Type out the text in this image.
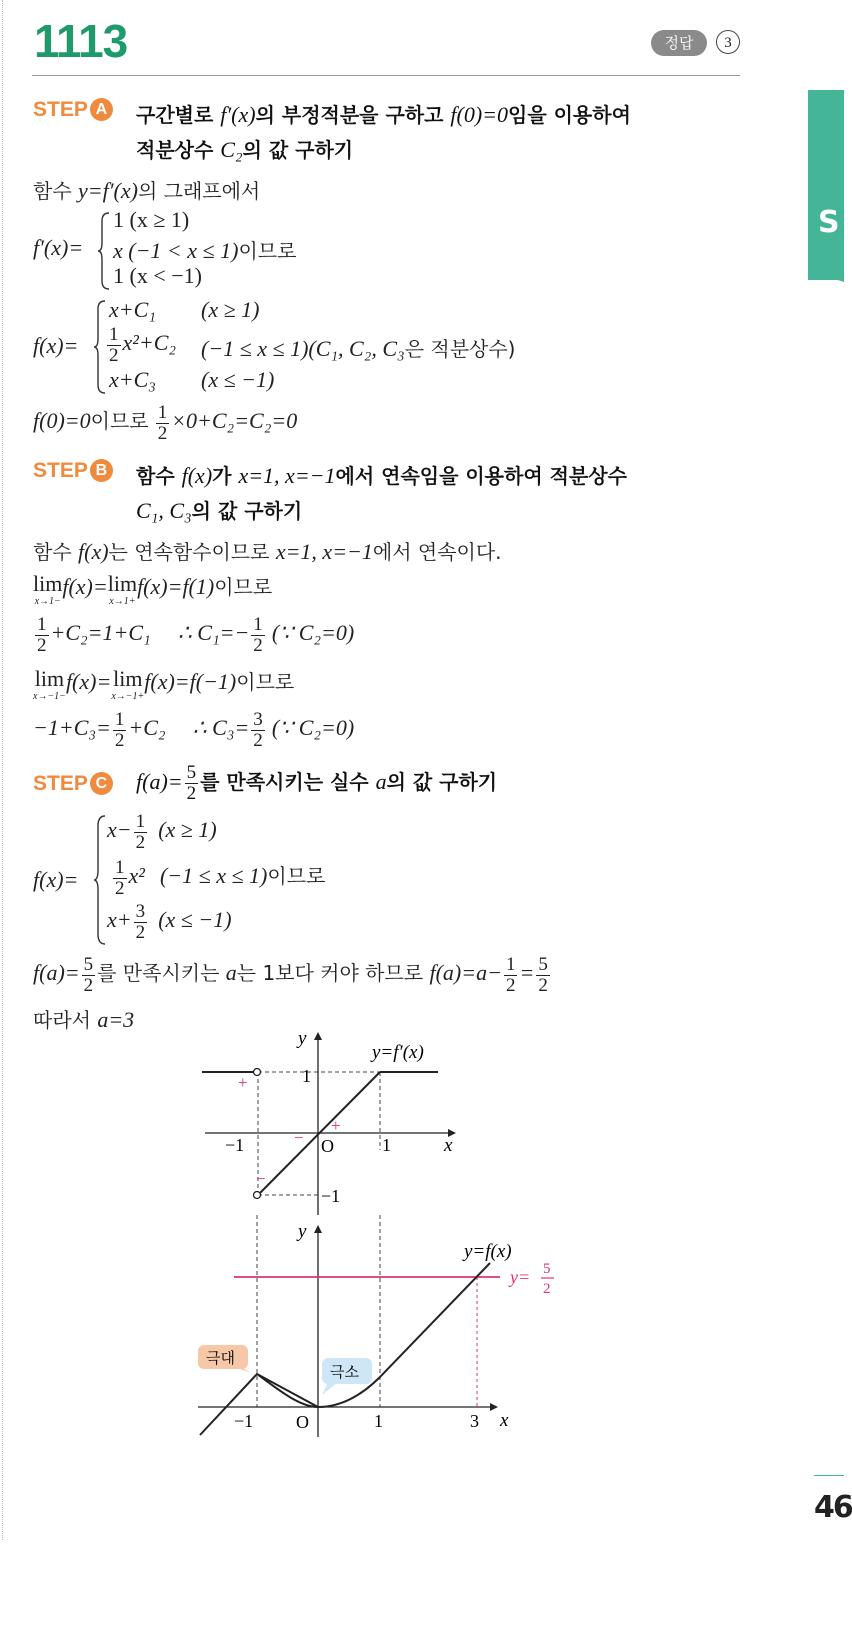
S
46
1113	정답	3
STEP A 구간별로 f′(x)의 부정적분을 구하고 f(0)=0임을 이용하여
적분상수 C₂의 값 구하기
함수 y=f′(x)의 그래프에서
f′(x)=
1 (x ≥ 1)
x (−1 < x ≤ 1)이므로
1 (x < −1)
f(x)=
x+C₁ (x ≥ 1)
$\frac{1}{2} x^2+C_2$ (−1 ≤ x ≤ 1)(C₁, C₂, C₃은 적분상수)
x+C₃ (x ≤ −1)
f(0)=0이므로 $\frac{1}{2} \times 0+C_2=C_2=0$
STEP B 함수 f(x)가 x=1, x=−1에서 연속임을 이용하여 적분상수
C₁, C₃의 값 구하기
함수 f(x)는 연속함수이므로 x=1, x=−1에서 연속이다.
lim
x→1−
f(x)=lim
x→1+
f(x)=f(1)이므로
$\frac{1}{2} +C_2=1+C_1$ ∴ $C_1=- \frac{1}{2}$ (∵ C₂=0)
lim
x→−1−
f(x)=lim
x→−1+
f(x)=f(−1)이므로
$-1+C_3= \frac{1}{2} +C_2$ ∴ $C_3= \frac{3}{2}$ (∵ C₂=0)
STEP C $f(a)= \frac{5}{2}$ 를 만족시키는 실수 a의 값 구하기
f(x)=
$x- \frac{1}{2} (x \ge 1)$
$\frac{1}{2} x^2$ (−1 ≤ x ≤ 1)이므로
$x+ \frac{3}{2} (x \le -1)$
$f(a)= \frac{5}{2}$ 를 만족시키는 a는 1보다 커야 하므로 $f(a)=a- \frac{1}{2} = \frac{5}{2}$
따라서 a=3
y
x
y=f′(x)
1
−1	O	1
−1
+
+
−
−
y
x
y=f(x)
y= 5
2
−1 O	1	3
극대
극소
